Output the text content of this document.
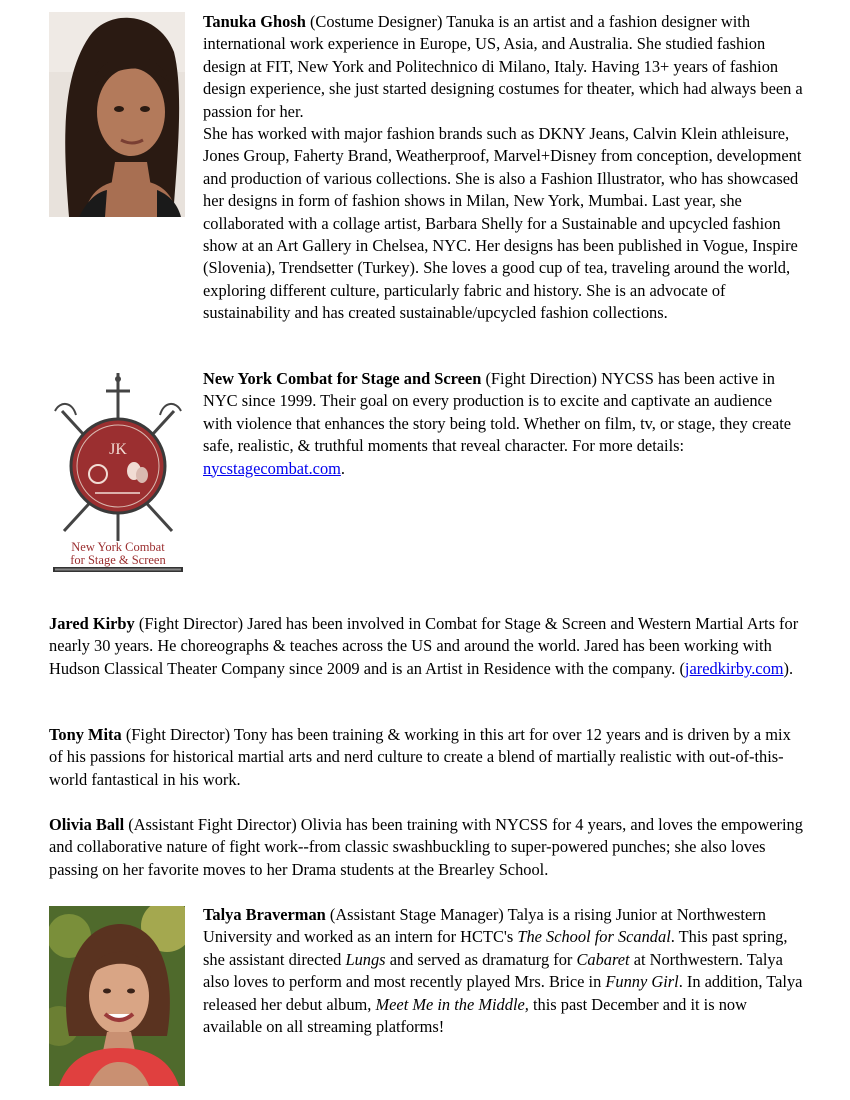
Tanuka Ghosh (Costume Designer) Tanuka is an artist and a fashion designer with international work experience in Europe, US, Asia, and Australia. She studied fashion design at FIT, New York and Politechnico di Milano, Italy. Having 13+ years of fashion design experience, she just started designing costumes for theater, which had always been a passion for her.

She has worked with major fashion brands such as DKNY Jeans, Calvin Klein athleisure, Jones Group, Faherty Brand, Weatherproof, Marvel+Disney from conception, development and production of various collections. She is also a Fashion Illustrator, who has showcased her designs in form of fashion shows in Milan, New York, Mumbai. Last year, she collaborated with a collage artist, Barbara Shelly for a Sustainable and upcycled fashion show at an Art Gallery in Chelsea, NYC. Her designs has been published in Vogue, Inspire (Slovenia), Trendsetter (Turkey). She loves a good cup of tea, traveling around the world, exploring different culture, particularly fabric and history. She is an advocate of sustainability and has created sustainable/upcycled fashion collections.

JK
New York Combat
for Stage & Screen

New York Combat for Stage and Screen (Fight Direction) NYCSS has been active in NYC since 1999. Their goal on every production is to excite and captivate an audience with violence that enhances the story being told. Whether on film, tv, or stage, they create safe, realistic, & truthful moments that reveal character. For more details: nycstagecombat.com.

Jared Kirby (Fight Director) Jared has been involved in Combat for Stage & Screen and Western Martial Arts for nearly 30 years. He choreographs & teaches across the US and around the world. Jared has been working with Hudson Classical Theater Company since 2009 and is an Artist in Residence with the company. (jaredkirby.com).

Tony Mita (Fight Director) Tony has been training & working in this art for over 12 years and is driven by a mix of his passions for historical martial arts and nerd culture to create a blend of martially realistic with out-of-this-world fantastical in his work.

Olivia Ball (Assistant Fight Director) Olivia has been training with NYCSS for 4 years, and loves the empowering and collaborative nature of fight work--from classic swashbuckling to super-powered punches; she also loves passing on her favorite moves to her Drama students at the Brearley School.

Talya Braverman (Assistant Stage Manager) Talya is a rising Junior at Northwestern University and worked as an intern for HCTC's The School for Scandal. This past spring, she assistant directed Lungs and served as dramaturg for Cabaret at Northwestern. Talya also loves to perform and most recently played Mrs. Brice in Funny Girl. In addition, Talya released her debut album, Meet Me in the Middle, this past December and it is now available on all streaming platforms!
